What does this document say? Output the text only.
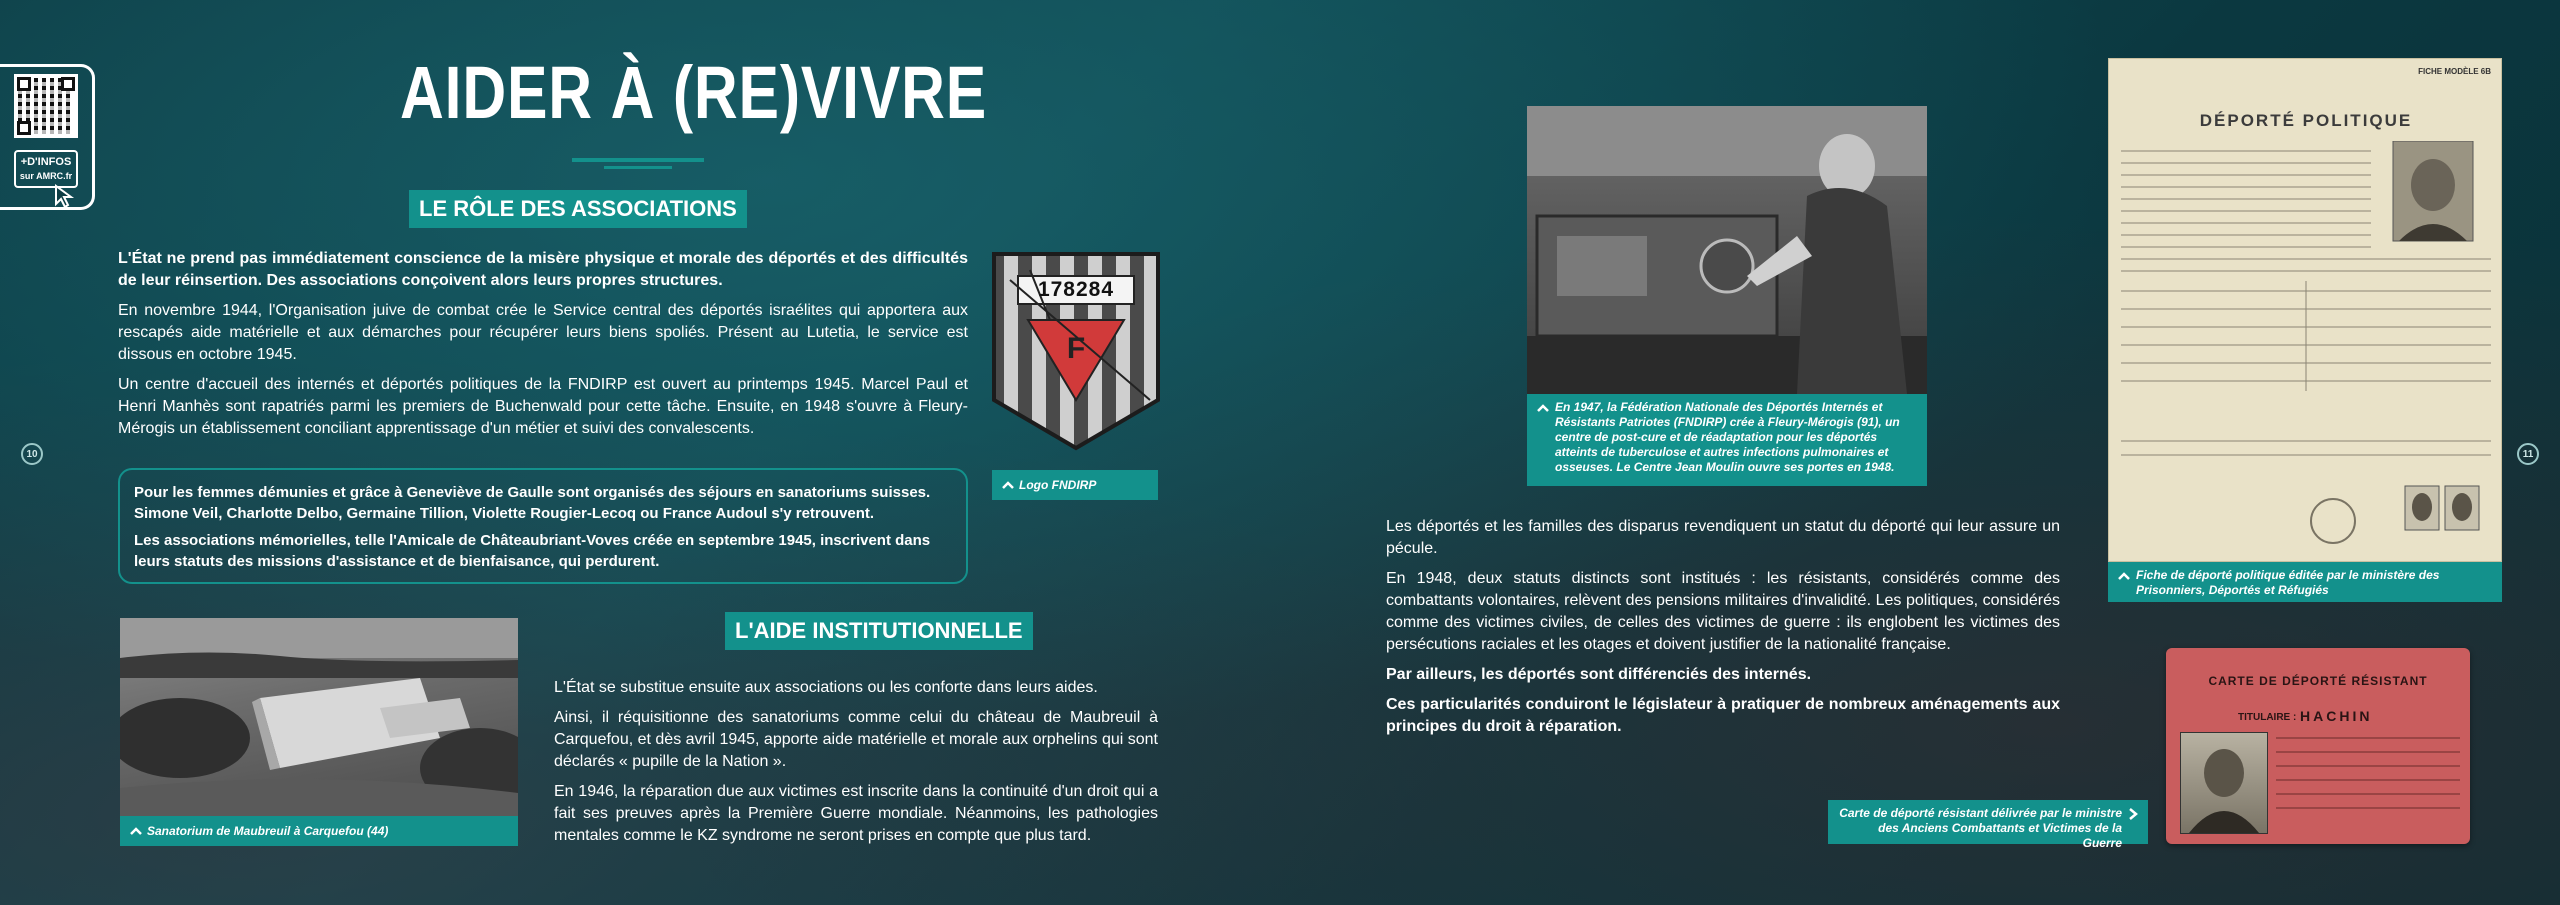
10	11
+D'INFOS
sur AMRC.fr
AIDER À (RE)VIVRE
LE RÔLE DES ASSOCIATIONS

L'État ne prend pas immédiatement conscience de la misère physique et morale des déportés et des difficultés de leur réinsertion. Des associations conçoivent alors leurs propres structures.

En novembre 1944, l'Organisation juive de combat crée le Service central des déportés israélites qui apportera aux rescapés aide matérielle et aux démarches pour récupérer leurs biens spoliés. Présent au Lutetia, le service est dissous en octobre 1945.

Un centre d'accueil des internés et déportés politiques de la FNDIRP est ouvert au printemps 1945. Marcel Paul et Henri Manhès sont rapatriés parmi les premiers de Buchenwald pour cette tâche. Ensuite, en 1948 s'ouvre à Fleury-Mérogis un établissement conciliant apprentissage d'un métier et suivi des convalescents.

178284
F
Logo FNDIRP

Pour les femmes démunies et grâce à Geneviève de Gaulle sont organisés des séjours en sanatoriums suisses. Simone Veil, Charlotte Delbo, Germaine Tillion, Violette Rougier-Lecoq ou France Audoul s'y retrouvent.

Les associations mémorielles, telle l'Amicale de Châteaubriant-Voves créée en septembre 1945, inscrivent dans leurs statuts des missions d'assistance et de bienfaisance, qui perdurent.

Sanatorium de Maubreuil à Carquefou (44)
L'AIDE INSTITUTIONNELLE

L'État se substitue ensuite aux associations ou les conforte dans leurs aides.

Ainsi, il réquisitionne des sanatoriums comme celui du château de Maubreuil à Carquefou, et dès avril 1945, apporte aide matérielle et morale aux orphelins qui sont déclarés « pupille de la Nation ».

En 1946, la réparation due aux victimes est inscrite dans la continuité d'un droit qui a fait ses preuves après la Première Guerre mondiale. Néanmoins, les pathologies mentales comme le KZ syndrome ne seront prises en compte que plus tard.

En 1947, la Fédération Nationale des Déportés Internés et Résistants Patriotes (FNDIRP) crée à Fleury-Mérogis (91), un centre de post-cure et de réadaptation pour les déportés atteints de tuberculose et autres infections pulmonaires et osseuses. Le Centre Jean Moulin ouvre ses portes en 1948.

Les déportés et les familles des disparus revendiquent un statut du déporté qui leur assure un pécule.

En 1948, deux statuts distincts sont institués : les résistants, considérés comme des combattants volontaires, relèvent des pensions militaires d'invalidité. Les politiques, considérés comme des victimes civiles, de celles des victimes de guerre : ils englobent les victimes des persécutions raciales et les otages et doivent justifier de la nationalité française.

Par ailleurs, les déportés sont différenciés des internés.

Ces particularités conduiront le législateur à pratiquer de nombreux aménagements aux principes du droit à réparation.

FICHE MODÈLE 6B
DÉPORTÉ POLITIQUE
Fiche de déporté politique éditée par le ministère des Prisonniers, Déportés et Réfugiés
CARTE DE DÉPORTÉ RÉSISTANT
TITULAIRE : HACHIN
Carte de déporté résistant délivrée par le ministre des Anciens Combattants et Victimes de la Guerre
